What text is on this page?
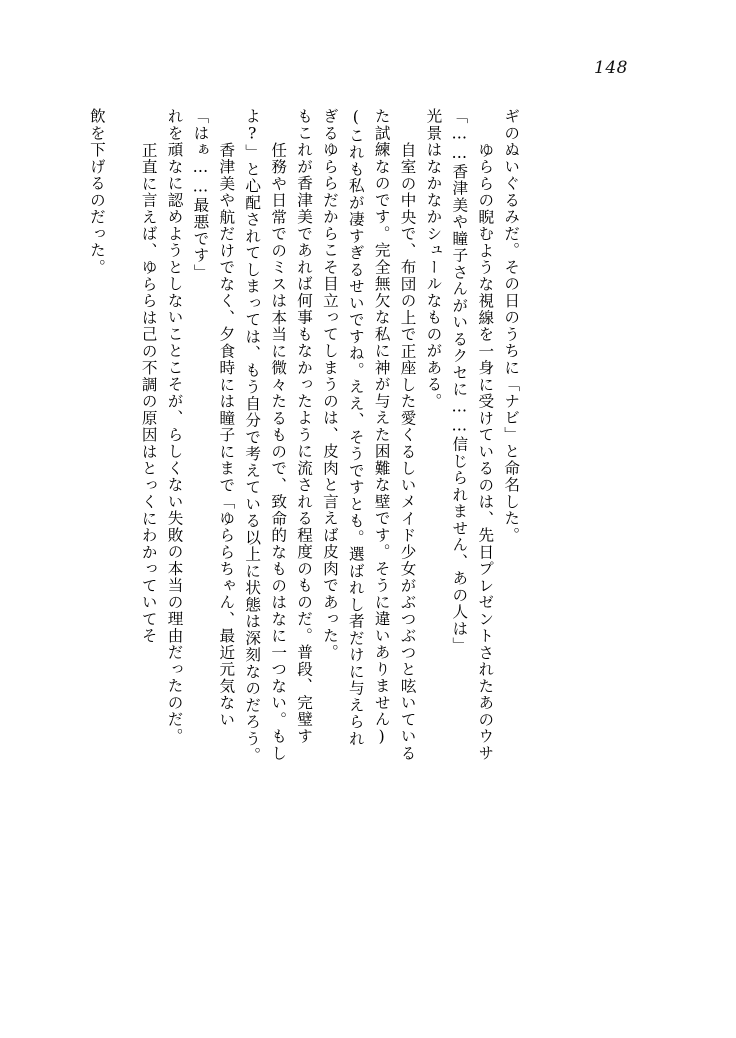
148
飲を下げるのだった。	　正直に言えば、ゆららは己の不調の原因はとっくにわかっていてそ れを頑なに認めようとしないことこそが、らしくない失敗の本当の理由だったのだ。 「はぁ……最悪です」 　香津美や航だけでなく、夕食時には瞳子にまで「ゆららちゃん、最近元気ない よ?」と心配されてしまっては、もう自分で考えている以上に状態は深刻なのだろう。 　任務や日常でのミスは本当に微々たるもので、致命的なものはなに一つない。もし もこれが香津美であれば何事もなかったように流される程度のものだ。普段、完璧す ぎるゆららだからこそ目立ってしまうのは、皮肉と言えば皮肉であった。 (これも私が凄すぎるせいですね。ええ、そうですとも。選ばれし者だけに与えられ た試練なのです。完全無欠な私に神が与えた困難な壁です。そうに違いありません) 　自室の中央で、布団の上で正座した愛くるしいメイド少女がぶつぶつと呟いている 光景はなかなかシュールなものがある。 「……香津美や瞳子さんがいるクセに……信じられません、あの人は」 　ゆららの睨むような視線を一身に受けているのは、先日プレゼントされたあのウサ ギのぬいぐるみだ。その日のうちに「ナビ」と命名した。
